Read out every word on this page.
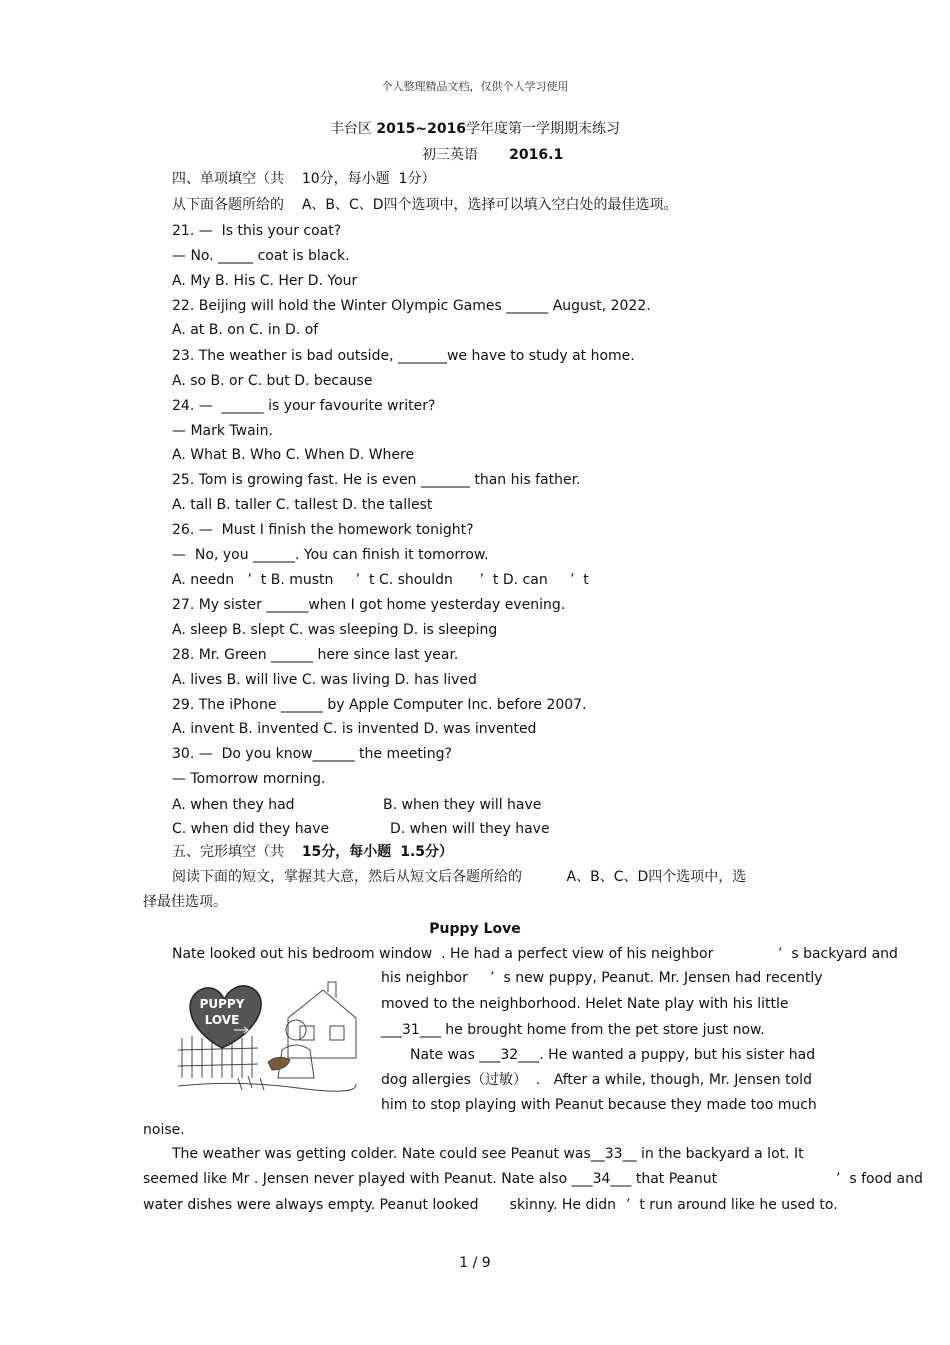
个人整理精品文档，仅供个人学习使用
丰台区 2015~2016学年度第一学期期末练习
初三英语 2016.1
四、单项填空（共 10分，每小题 1分）
从下面各题所给的 A、B、C、D四个选项中，选择可以填入空白处的最佳选项。
21. —  Is this your coat?
— No. _____ coat is black.
A. My B. His C. Her D. Your
22. Beijing will hold the Winter Olympic Games ______ August, 2022.
A. at B. on C. in D. of
23. The weather is bad outside, _______we have to study at home.
A. so B. or C. but D. because
24. —  ______ is your favourite writer?
— Mark Twain.
A. What B. Who C. When D. Where
25. Tom is growing fast. He is even _______ than his father.
A. tall B. taller C. tallest D. the tallest
26. —  Must I finish the homework tonight?
—  No, you ______. You can finish it tomorrow.
A. needn   ’  t B. mustn     ’  t C. shouldn      ’  t D. can     ’  t
27. My sister ______when I got home yesterday evening.
A. sleep B. slept C. was sleeping D. is sleeping
28. Mr. Green ______ here since last year.
A. lives B. will live C. was living D. has lived
29. The iPhone ______ by Apple Computer Inc. before 2007.
A. invent B. invented C. is invented D. was invented
30. —  Do you know______ the meeting?
— Tomorrow morning.
A. when they had	B. when they will have
C. when did they have	D. when will they have
五、完形填空（共 15分，每小题 1.5分）
阅读下面的短文，掌握其大意，然后从短文后各题所给的	A、B、C、D四个选项中，选
择最佳选项。
Puppy Love
Nate looked out his bedroom window  . He had a perfect view of his neighbor	’  s backyard and
his neighbor     ’  s new puppy, Peanut. Mr. Jensen had recently
moved to the neighborhood. Helet Nate play with his little
___31___ he brought home from the pet store just now.
Nate was ___32___. He wanted a puppy, but his sister had
dog allergies（过敏）  .   After a while, though, Mr. Jensen told
him to stop playing with Peanut because they made too much
noise.
The weather was getting colder. Nate could see Peanut was__33__ in the backyard a lot. It
seemed like Mr . Jensen never played with Peanut. Nate also ___34___ that Peanut	’  s food and
water dishes were always empty. Peanut looked       skinny. He didn ’  t run around like he used to.
PUPPY
LOVE
1 / 9
